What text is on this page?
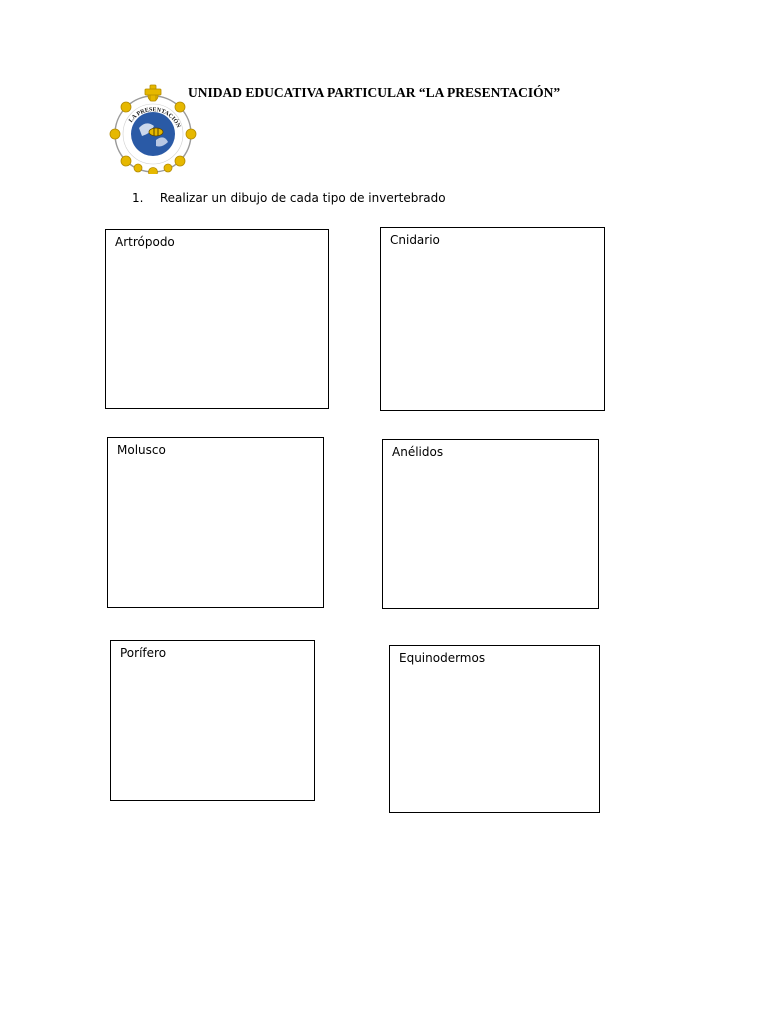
LA PRESENTACIÓN
UNIDAD EDUCATIVA PARTICULAR “LA PRESENTACIÓN”
1. Realizar un dibujo de cada tipo de invertebrado
Artrópodo	Cnidario
Molusco	Anélidos
Porífero	Equinodermos
